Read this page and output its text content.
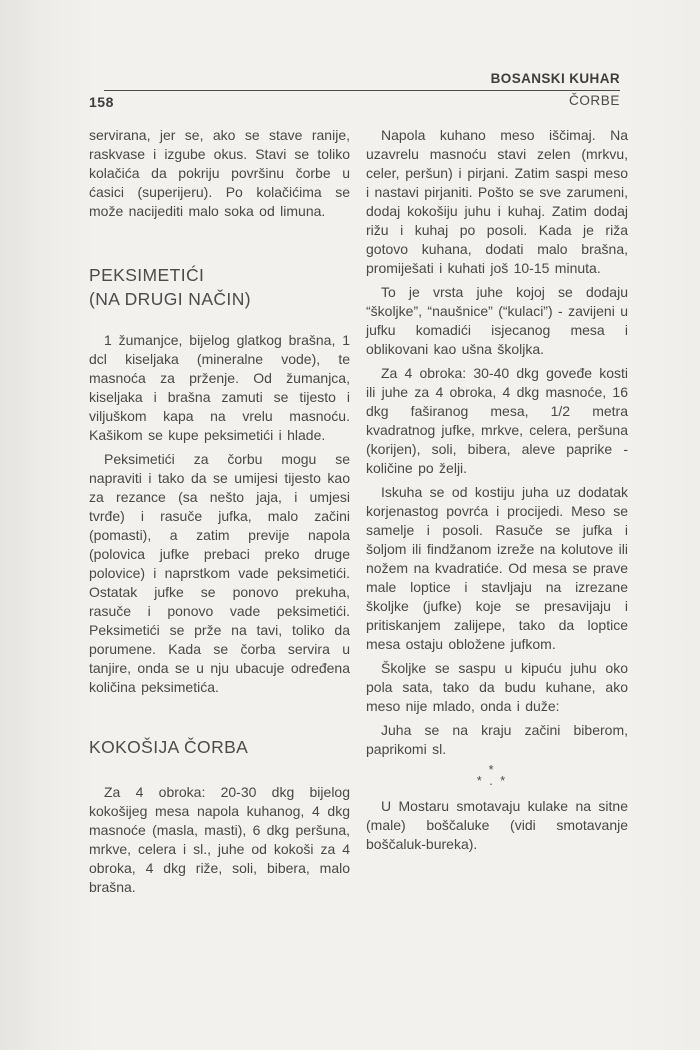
BOSANSKI KUHAR
158	ČORBE

servirana, jer se, ako se stave ranije, raskvase i izgube okus. Stavi se toliko kolačića da pokriju površinu čorbe u ćasici (superijeru). Po kolačićima se može nacijediti malo soka od limuna.

PEKSIMETIĆI
(NA DRUGI NAČIN)

1 žumanjce, bijelog glatkog brašna, 1 dcl kiseljaka (mineralne vode), te masnoća za prženje. Od žumanjca, kiseljaka i brašna zamuti se tijesto i viljuškom kapa na vrelu masnoću. Kašikom se kupe peksimetići i hlade.

Peksimetići za čorbu mogu se napraviti i tako da se umijesi tijesto kao za rezance (sa nešto jaja, i umjesi tvrđe) i rasuče jufka, malo začini (pomasti), a zatim previje napola (polovica jufke prebaci preko druge polovice) i naprstkom vade peksimetići. Ostatak jufke se ponovo prekuha, rasuče i ponovo vade peksimetići. Peksimetići se prže na tavi, toliko da porumene. Kada se čorba servira u tanjire, onda se u nju ubacuje određena količina peksimetića.

KOKOŠIJA ČORBA

Za 4 obroka: 20-30 dkg bijelog kokošijeg mesa napola kuhanog, 4 dkg masnoće (masla, masti), 6 dkg peršuna, mrkve, celera i sl., juhe od kokoši za 4 obroka, 4 dkg riže, soli, bibera, malo brašna.

Napola kuhano meso iščimaj. Na uzavrelu masnoću stavi zelen (mrkvu, celer, peršun) i pirjani. Zatim saspi meso i nastavi pirjaniti. Pošto se sve zarumeni, dodaj kokošiju juhu i kuhaj. Zatim dodaj rižu i kuhaj po posoli. Kada je riža gotovo kuhana, dodati malo brašna, promiješati i kuhati još 10-15 minuta.

To je vrsta juhe kojoj se dodaju “školjke”, “naušnice” (“kulaci”) - zavijeni u jufku komadići isjecanog mesa i oblikovani kao ušna školjka.

Za 4 obroka: 30-40 dkg goveđe kosti ili juhe za 4 obroka, 4 dkg masnoće, 16 dkg faširanog mesa, 1/2 metra kvadratnog jufke, mrkve, celera, peršuna (korijen), soli, bibera, aleve paprike - količine po želji.

Iskuha se od kostiju juha uz dodatak korjenastog povrća i procijedi. Meso se samelje i posoli. Rasuče se jufka i šoljom ili findžanom izreže na kolutove ili nožem na kvadratiće. Od mesa se prave male loptice i stavljaju na izrezane školjke (jufke) koje se presavijaju i pritiskanjem zalijepe, tako da loptice mesa ostaju obložene jufkom.

Školjke se saspu u kipuću juhu oko pola sata, tako da budu kuhane, ako meso nije mlado, onda i duže:

Juha se na kraju začini biberom, paprikomi sl.

*
* . *

U Mostaru smotavaju kulake na sitne (male) boščaluke (vidi smotavanje boščaluk-bureka).
